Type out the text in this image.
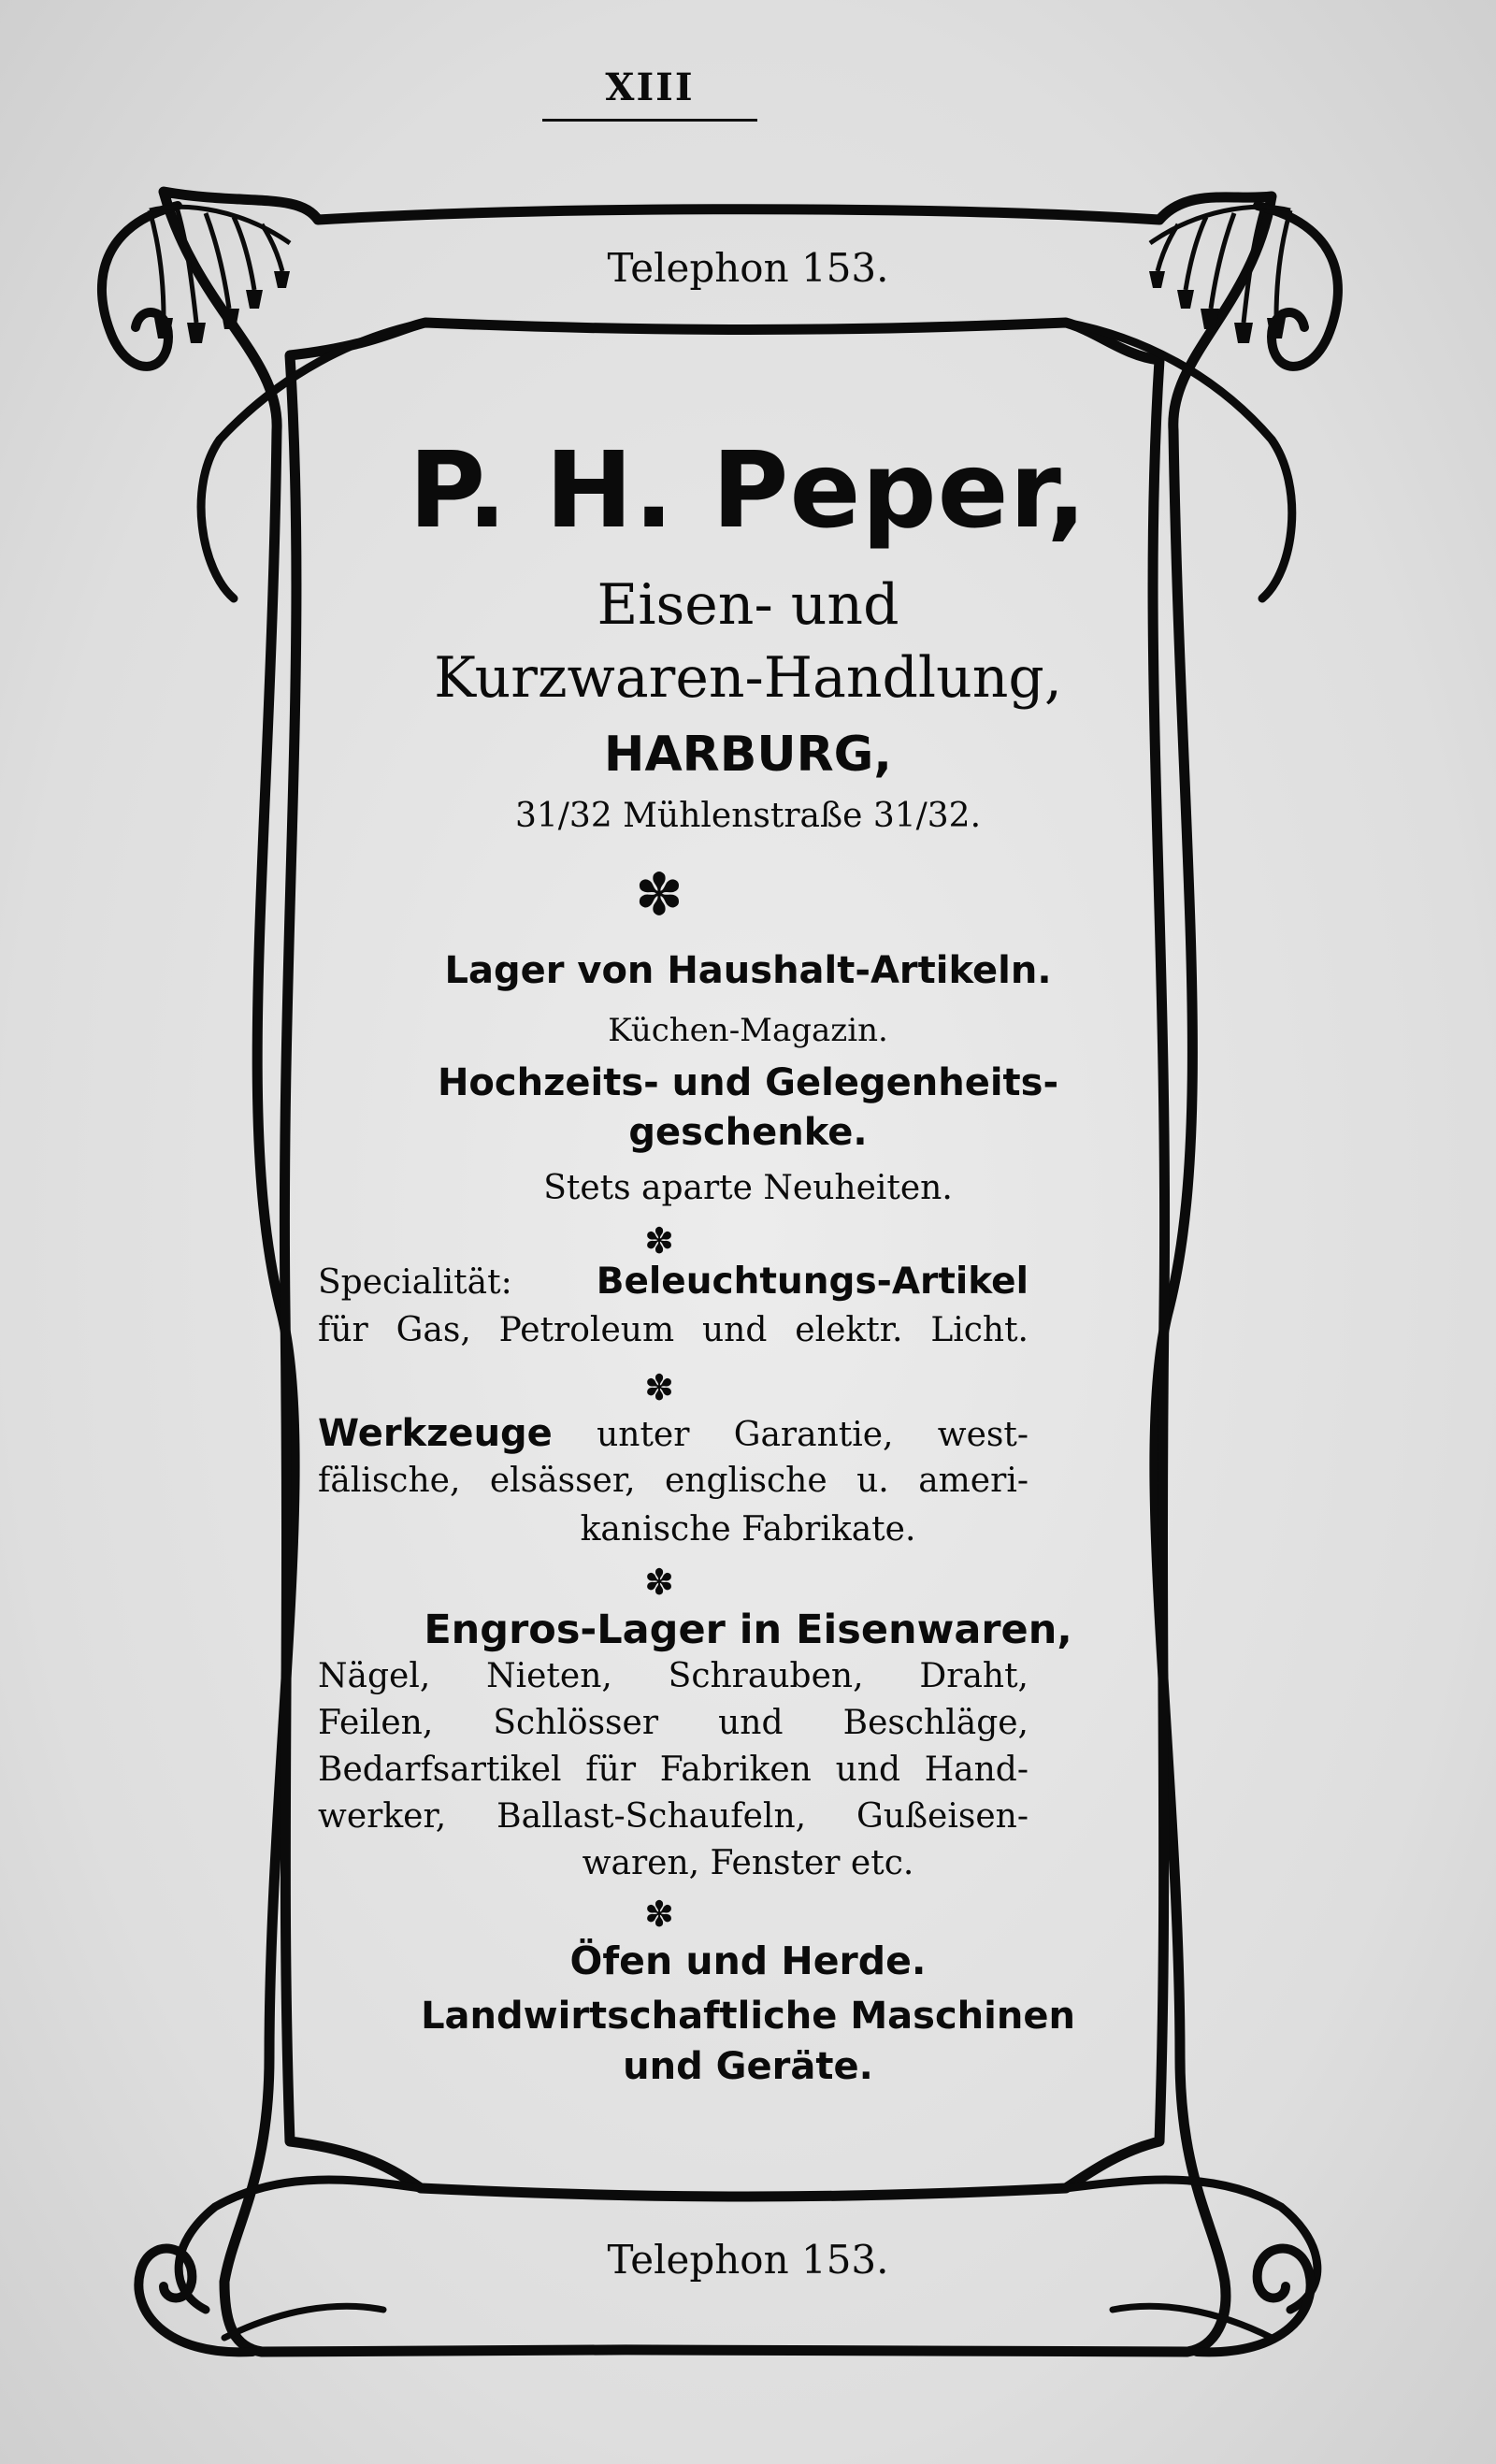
XIII
Telephon 153.
P. H. Peper,
Eisen- und
Kurzwaren-Handlung,
HARBURG,
31/32 Mühlenstraße 31/32.
✽
Lager von Haushalt-Artikeln.
Küchen-Magazin.
Hochzeits- und Gelegenheits-
geschenke.
Stets aparte Neuheiten.
✽
Specialität: Beleuchtungs-Artikel
für Gas, Petroleum und elektr. Licht.
✽
Werkzeuge unter Garantie, west-
fälische, elsässer, englische u. ameri-
kanische Fabrikate.
✽
Engros-Lager in Eisenwaren,
Nägel, Nieten, Schrauben, Draht,
Feilen, Schlösser und Beschläge,
Bedarfsartikel für Fabriken und Hand-
werker, Ballast-Schaufeln, Gußeisen-
waren, Fenster etc.
✽
Öfen und Herde.
Landwirtschaftliche Maschinen
und Geräte.
Telephon 153.
